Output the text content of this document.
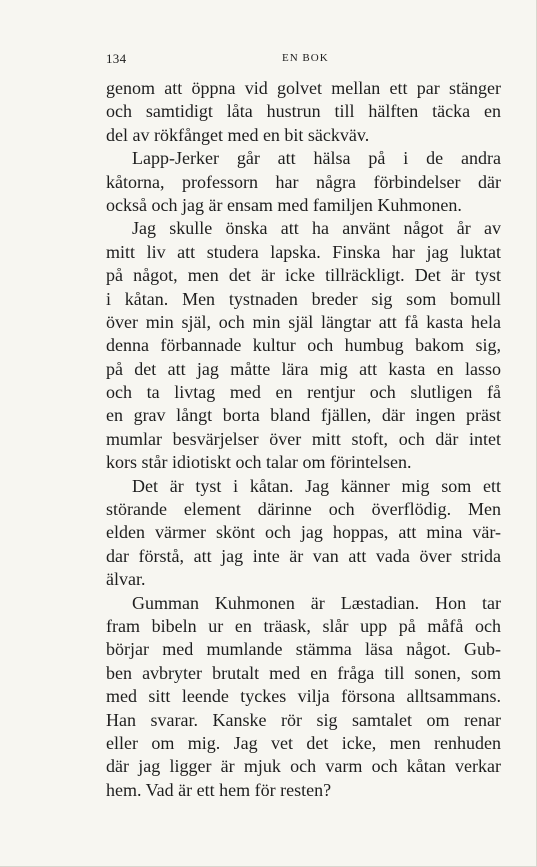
134	EN BOK
genom att öppna vid golvet mellan ett par stänger
och samtidigt låta hustrun till hälften täcka en
del av rökfånget med en bit säckväv.
Lapp-Jerker går att hälsa på i de andra
kåtorna, professorn har några förbindelser där
också och jag är ensam med familjen Kuhmonen.
Jag skulle önska att ha använt något år av
mitt liv att studera lapska. Finska har jag luktat
på något, men det är icke tillräckligt. Det är tyst
i kåtan. Men tystnaden breder sig som bomull
över min själ, och min själ längtar att få kasta hela
denna förbannade kultur och humbug bakom sig,
på det att jag måtte lära mig att kasta en lasso
och ta livtag med en rentjur och slutligen få
en grav långt borta bland fjällen, där ingen präst
mumlar besvärjelser över mitt stoft, och där intet
kors står idiotiskt och talar om förintelsen.
Det är tyst i kåtan. Jag känner mig som ett
störande element därinne och överflödig. Men
elden värmer skönt och jag hoppas, att mina vär-
dar förstå, att jag inte är van att vada över strida
älvar.
Gumman Kuhmonen är Læstadian. Hon tar
fram bibeln ur en träask, slår upp på måfå och
börjar med mumlande stämma läsa något. Gub-
ben avbryter brutalt med en fråga till sonen, som
med sitt leende tyckes vilja försona alltsammans.
Han svarar. Kanske rör sig samtalet om renar
eller om mig. Jag vet det icke, men renhuden
där jag ligger är mjuk och varm och kåtan verkar
hem. Vad är ett hem för resten?
